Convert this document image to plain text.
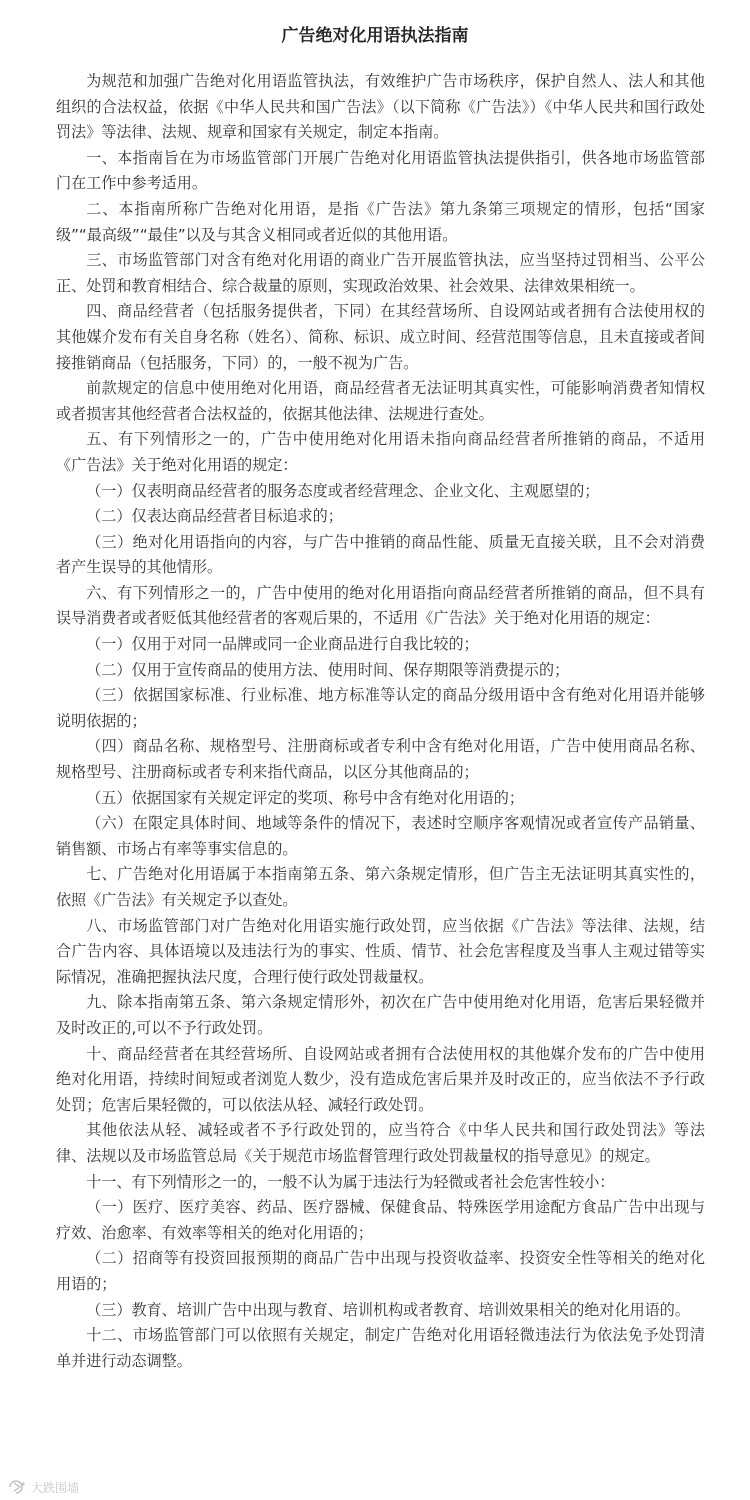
广告绝对化用语执法指南

为规范和加强广告绝对化用语监管执法，有效维护广告市场秩序，保护自然人、法人和其他组织的合法权益，依据《中华人民共和国广告法》（以下简称《广告法》）《中华人民共和国行政处罚法》等法律、法规、规章和国家有关规定，制定本指南。

一、本指南旨在为市场监管部门开展广告绝对化用语监管执法提供指引，供各地市场监管部门在工作中参考适用。

二、本指南所称广告绝对化用语，是指《广告法》第九条第三项规定的情形，包括“国家级”“最高级”“最佳”以及与其含义相同或者近似的其他用语。

三、市场监管部门对含有绝对化用语的商业广告开展监管执法，应当坚持过罚相当、公平公正、处罚和教育相结合、综合裁量的原则，实现政治效果、社会效果、法律效果相统一。

四、商品经营者（包括服务提供者，下同）在其经营场所、自设网站或者拥有合法使用权的其他媒介发布有关自身名称（姓名）、简称、标识、成立时间、经营范围等信息，且未直接或者间接推销商品（包括服务，下同）的，一般不视为广告。

前款规定的信息中使用绝对化用语，商品经营者无法证明其真实性，可能影响消费者知情权或者损害其他经营者合法权益的，依据其他法律、法规进行查处。

五、有下列情形之一的，广告中使用绝对化用语未指向商品经营者所推销的商品，不适用《广告法》关于绝对化用语的规定：

（一）仅表明商品经营者的服务态度或者经营理念、企业文化、主观愿望的；

（二）仅表达商品经营者目标追求的；

（三）绝对化用语指向的内容，与广告中推销的商品性能、质量无直接关联，且不会对消费者产生误导的其他情形。

六、有下列情形之一的，广告中使用的绝对化用语指向商品经营者所推销的商品，但不具有误导消费者或者贬低其他经营者的客观后果的，不适用《广告法》关于绝对化用语的规定：

（一）仅用于对同一品牌或同一企业商品进行自我比较的；

（二）仅用于宣传商品的使用方法、使用时间、保存期限等消费提示的；

（三）依据国家标准、行业标准、地方标准等认定的商品分级用语中含有绝对化用语并能够说明依据的；

（四）商品名称、规格型号、注册商标或者专利中含有绝对化用语，广告中使用商品名称、规格型号、注册商标或者专利来指代商品，以区分其他商品的；

（五）依据国家有关规定评定的奖项、称号中含有绝对化用语的；

（六）在限定具体时间、地域等条件的情况下，表述时空顺序客观情况或者宣传产品销量、销售额、市场占有率等事实信息的。

七、广告绝对化用语属于本指南第五条、第六条规定情形，但广告主无法证明其真实性的，依照《广告法》有关规定予以查处。

八、市场监管部门对广告绝对化用语实施行政处罚，应当依据《广告法》等法律、法规，结合广告内容、具体语境以及违法行为的事实、性质、情节、社会危害程度及当事人主观过错等实际情况，准确把握执法尺度，合理行使行政处罚裁量权。

九、除本指南第五条、第六条规定情形外，初次在广告中使用绝对化用语，危害后果轻微并及时改正的,可以不予行政处罚。

十、商品经营者在其经营场所、自设网站或者拥有合法使用权的其他媒介发布的广告中使用绝对化用语，持续时间短或者浏览人数少，没有造成危害后果并及时改正的，应当依法不予行政处罚；危害后果轻微的，可以依法从轻、减轻行政处罚。

其他依法从轻、减轻或者不予行政处罚的，应当符合《中华人民共和国行政处罚法》等法律、法规以及市场监管总局《关于规范市场监督管理行政处罚裁量权的指导意见》的规定。

十一、有下列情形之一的，一般不认为属于违法行为轻微或者社会危害性较小：

（一）医疗、医疗美容、药品、医疗器械、保健食品、特殊医学用途配方食品广告中出现与疗效、治愈率、有效率等相关的绝对化用语的；

（二）招商等有投资回报预期的商品广告中出现与投资收益率、投资安全性等相关的绝对化用语的；

（三）教育、培训广告中出现与教育、培训机构或者教育、培训效果相关的绝对化用语的。

十二、市场监管部门可以依照有关规定，制定广告绝对化用语轻微违法行为依法免予处罚清单并进行动态调整。

大跌围墙
